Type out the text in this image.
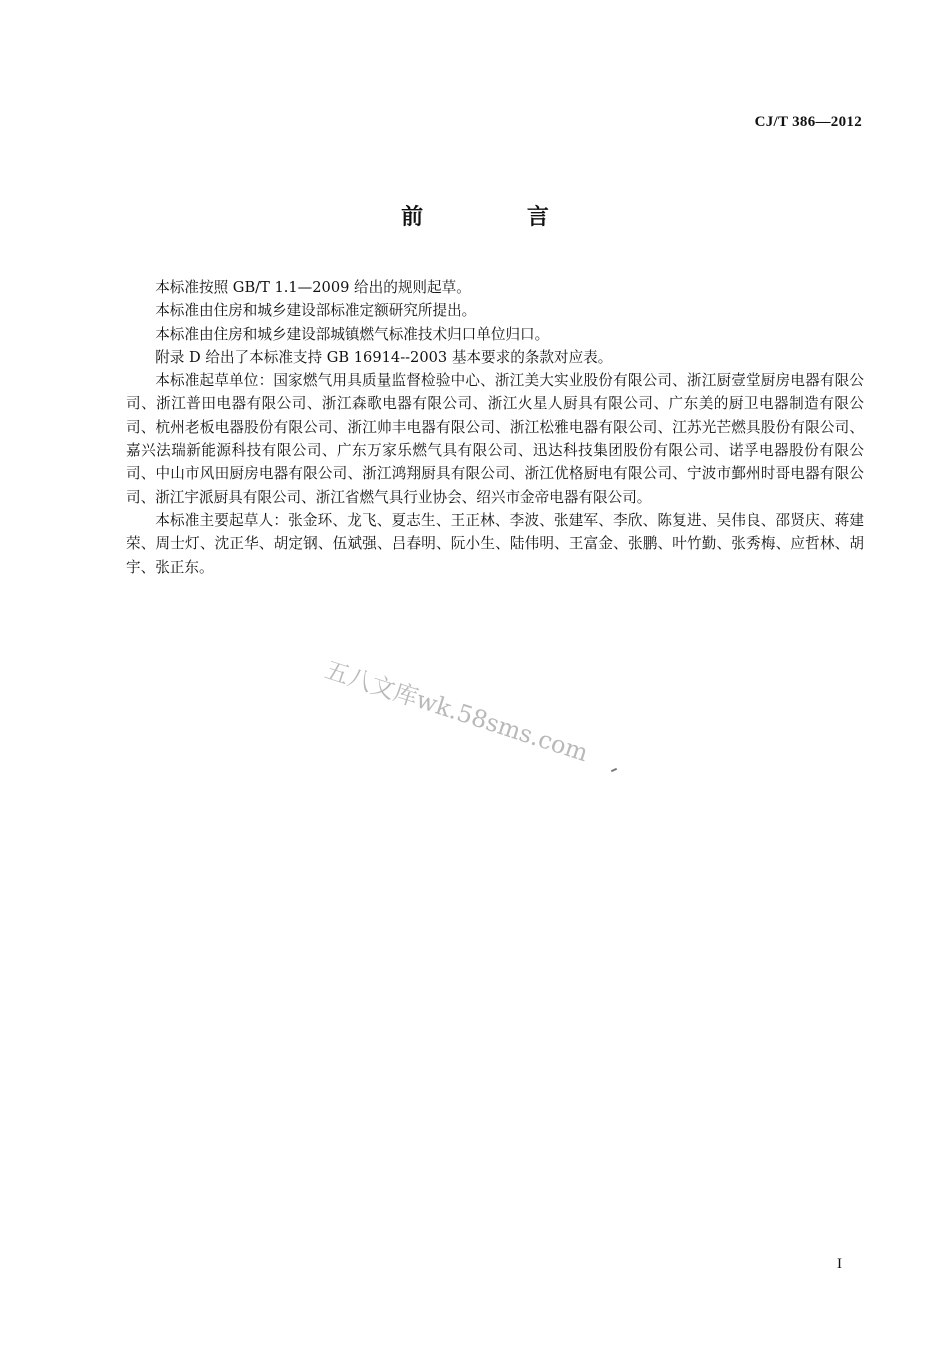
CJ/T 386—2012
前 言

本标准按照 GB/T 1.1—2009 给出的规则起草。

本标准由住房和城乡建设部标准定额研究所提出。

本标准由住房和城乡建设部城镇燃气标准技术归口单位归口。

附录 D 给出了本标准支持 GB 16914--2003 基本要求的条款对应表。

本标准起草单位：国家燃气用具质量监督检验中心、浙江美大实业股份有限公司、浙江厨壹堂厨房电器有限公司、浙江普田电器有限公司、浙江森歌电器有限公司、浙江火星人厨具有限公司、广东美的厨卫电器制造有限公司、杭州老板电器股份有限公司、浙江帅丰电器有限公司、浙江松雅电器有限公司、江苏光芒燃具股份有限公司、嘉兴法瑞新能源科技有限公司、广东万家乐燃气具有限公司、迅达科技集团股份有限公司、诺孚电器股份有限公司、中山市风田厨房电器有限公司、浙江鸿翔厨具有限公司、浙江优格厨电有限公司、宁波市鄞州时哥电器有限公司、浙江宇派厨具有限公司、浙江省燃气具行业协会、绍兴市金帝电器有限公司。

本标准主要起草人：张金环、龙飞、夏志生、王正林、李波、张建军、李欣、陈复进、吴伟良、邵贤庆、蒋建荣、周士灯、沈正华、胡定钢、伍斌强、吕春明、阮小生、陆伟明、王富金、张鹏、叶竹勤、张秀梅、应哲林、胡宇、张正东。

五八文库wk.58sms.com
I
